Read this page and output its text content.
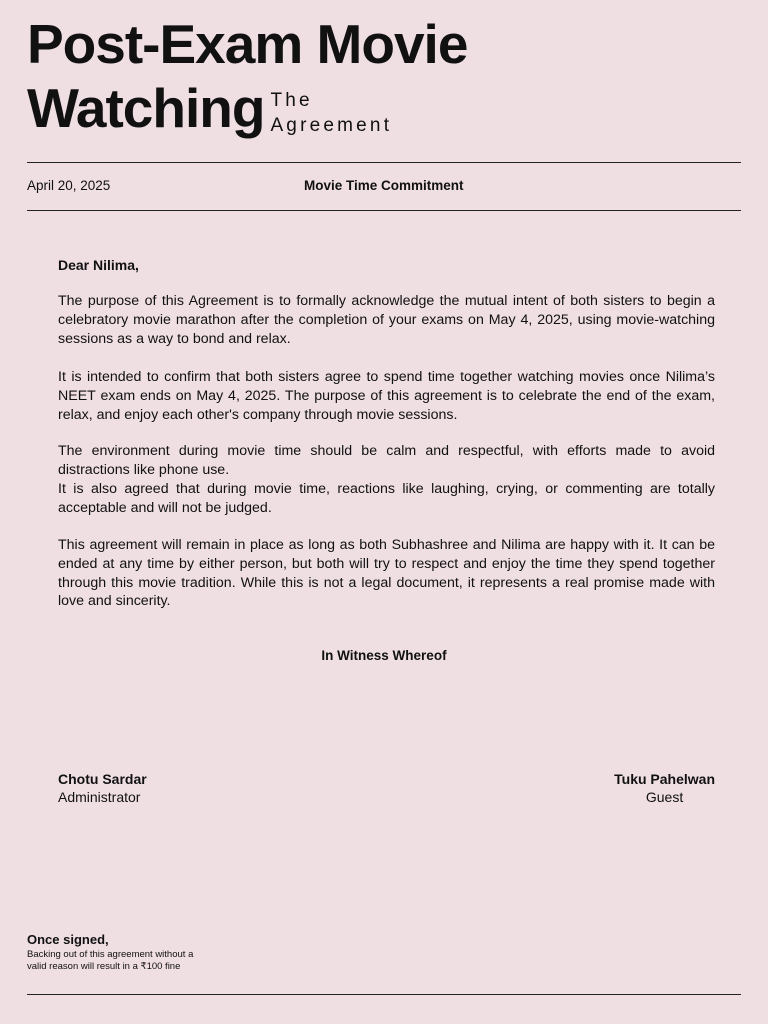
Post-Exam Movie
Watching The
Agreement
April 20, 2025	Movie Time Commitment
Dear Nilima,

The purpose of this Agreement is to formally acknowledge the mutual intent of both sisters to begin a celebratory movie marathon after the completion of your exams on May 4, 2025, using movie-watching sessions as a way to bond and relax.

It is intended to confirm that both sisters agree to spend time together watching movies once Nilima’s NEET exam ends on May 4, 2025. The purpose of this agreement is to celebrate the end of the exam, relax, and enjoy each other's company through movie sessions.

The environment during movie time should be calm and respectful, with efforts made to avoid distractions like phone use.

It is also agreed that during movie time, reactions like laughing, crying, or commenting are totally acceptable and will not be judged.

This agreement will remain in place as long as both Subhashree and Nilima are happy with it. It can be ended at any time by either person, but both will try to respect and enjoy the time they spend together through this movie tradition. While this is not a legal document, it represents a real promise made with love and sincerity.

In Witness Whereof
Chotu Sardar
Administrator
Tuku Pahelwan
Guest
Once signed,
Backing out of this agreement without a valid reason will result in a ₹100 fine
